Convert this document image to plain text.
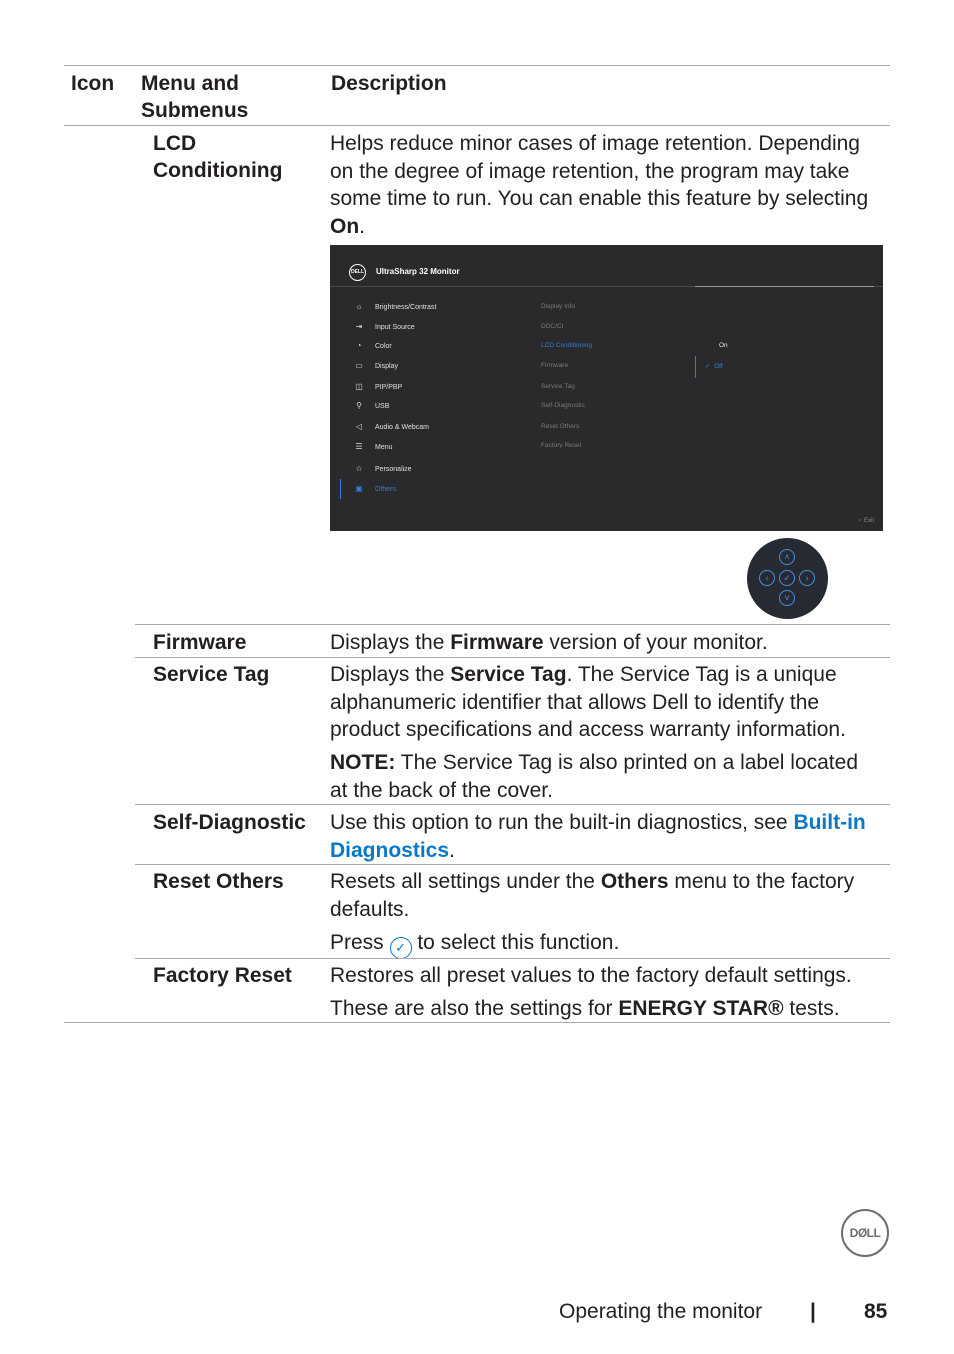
Icon Menu and
Submenus
Description
LCD
Conditioning
Helps reduce minor cases of image retention. Depending
on the degree of image retention, the program may take
some time to run. You can enable this feature by selecting
On.
DELL UltraSharp 32 Monitor
☼ Brightness/Contrast
⇥ Input Source
◔ Color
▭ Display
◫ PIP/PBP
⚲ USB
◁ Audio & Webcam
☰ Menu
☆ Personalize
▣ Others
Display Info
DDC/CI
LCD Conditioning
Firmware
Service Tag
Self-Diagnostic
Reset Others
Factory Reset
On
✓ Off
‹ Exit
˄
‹	✓	›
˅
Firmware	Displays the Firmware version of your monitor.
Service Tag	Displays the Service Tag. The Service Tag is a unique
alphanumeric identifier that allows Dell to identify the
product specifications and access warranty information.
NOTE: The Service Tag is also printed on a label located
at the back of the cover.
Self-Diagnostic Use this option to run the built-in diagnostics, see Built-in
Diagnostics.
Reset Others Resets all settings under the Others menu to the factory
defaults.
Press ✓ to select this function.
Factory Reset Restores all preset values to the factory default settings.
These are also the settings for ENERGY STAR® tests.
DØLL
Operating the monitor | 85
